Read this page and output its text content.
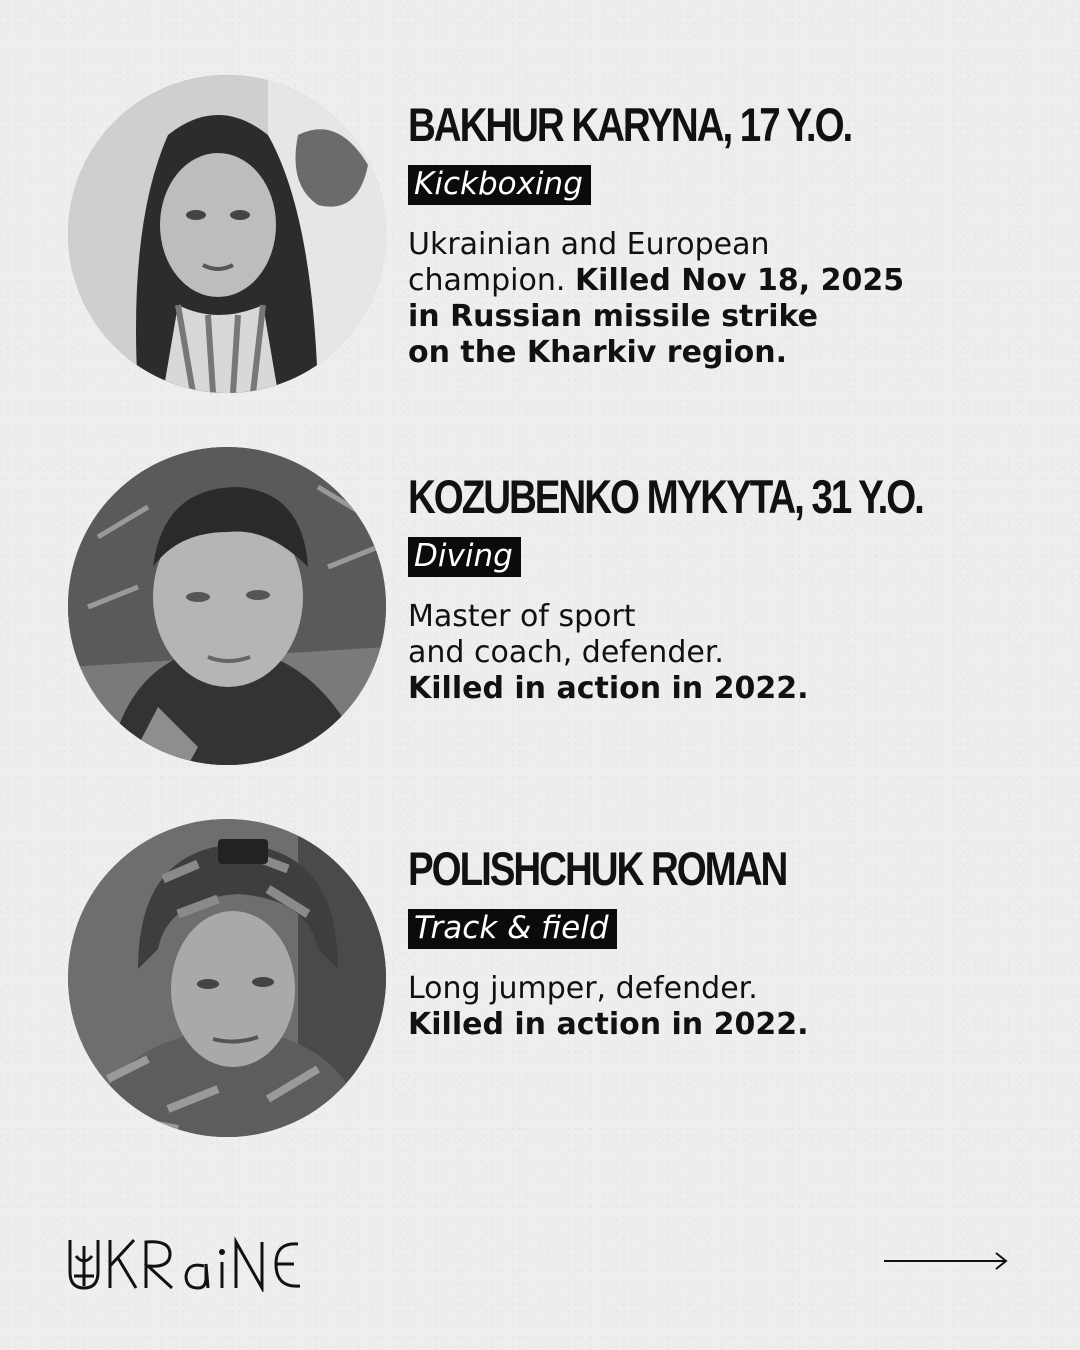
BAKHUR KARYNA, 17 Y.O.
Kickboxing
Ukrainian and European
champion. Killed Nov 18, 2025
in Russian missile strike
on the Kharkiv region.
KOZUBENKO MYKYTA, 31 Y.O.
Diving
Master of sport
and coach, defender.
Killed in action in 2022.
POLISHCHUK ROMAN
Track & field
Long jumper, defender.
Killed in action in 2022.
